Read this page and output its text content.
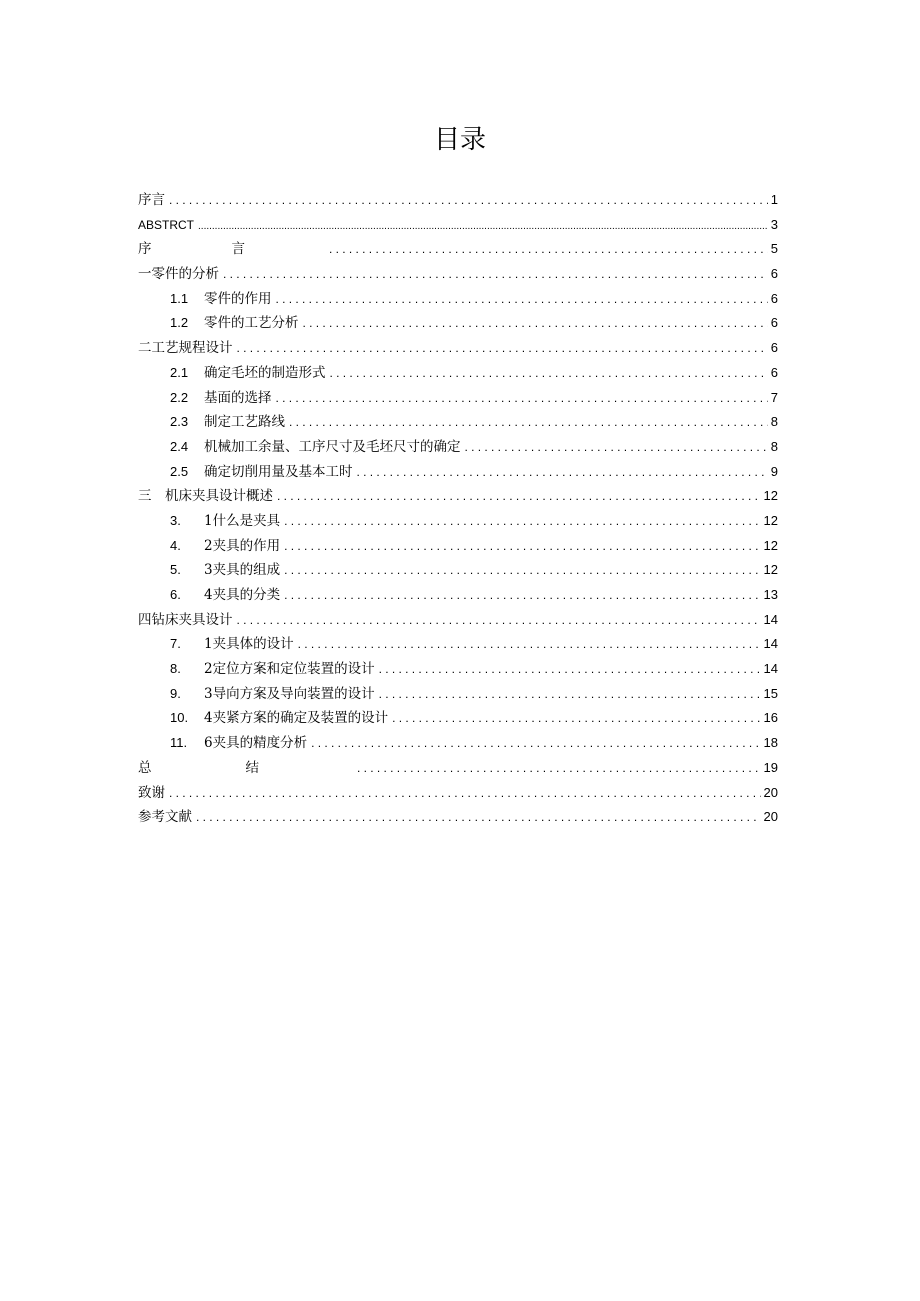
目录
序言 .....	1
ABSTRCT .....	3
序言 .....	5
一零件的分析 .....	6
1.1 零件的作用 .....	6
1.2 零件的工艺分析 .....	6
二工艺规程设计 .....	6
2.1 确定毛坯的制造形式 .....	6
2.2 基面的选择 .....	7
2.3 制定工艺路线 .....	8
2.4 机械加工余量、工序尺寸及毛坯尺寸的确定 .....	8
2.5 确定切削用量及基本工时 .....	9
三　机床夹具设计概述 .....	12
3. 1什么是夹具 .....	12
4. 2夹具的作用 .....	12
5. 3夹具的组成 .....	12
6. 4夹具的分类 .....	13
四钻床夹具设计 .....	14
7. 1夹具体的设计 .....	14
8. 2定位方案和定位装置的设计 .....	14
9. 3导向方案及导向装置的设计 .....	15
10. 4夹紧方案的确定及装置的设计 .....	16
11. 6夹具的精度分析 .....	18
总结 .....	19
致谢 .....	20
参考文献 .....	20
